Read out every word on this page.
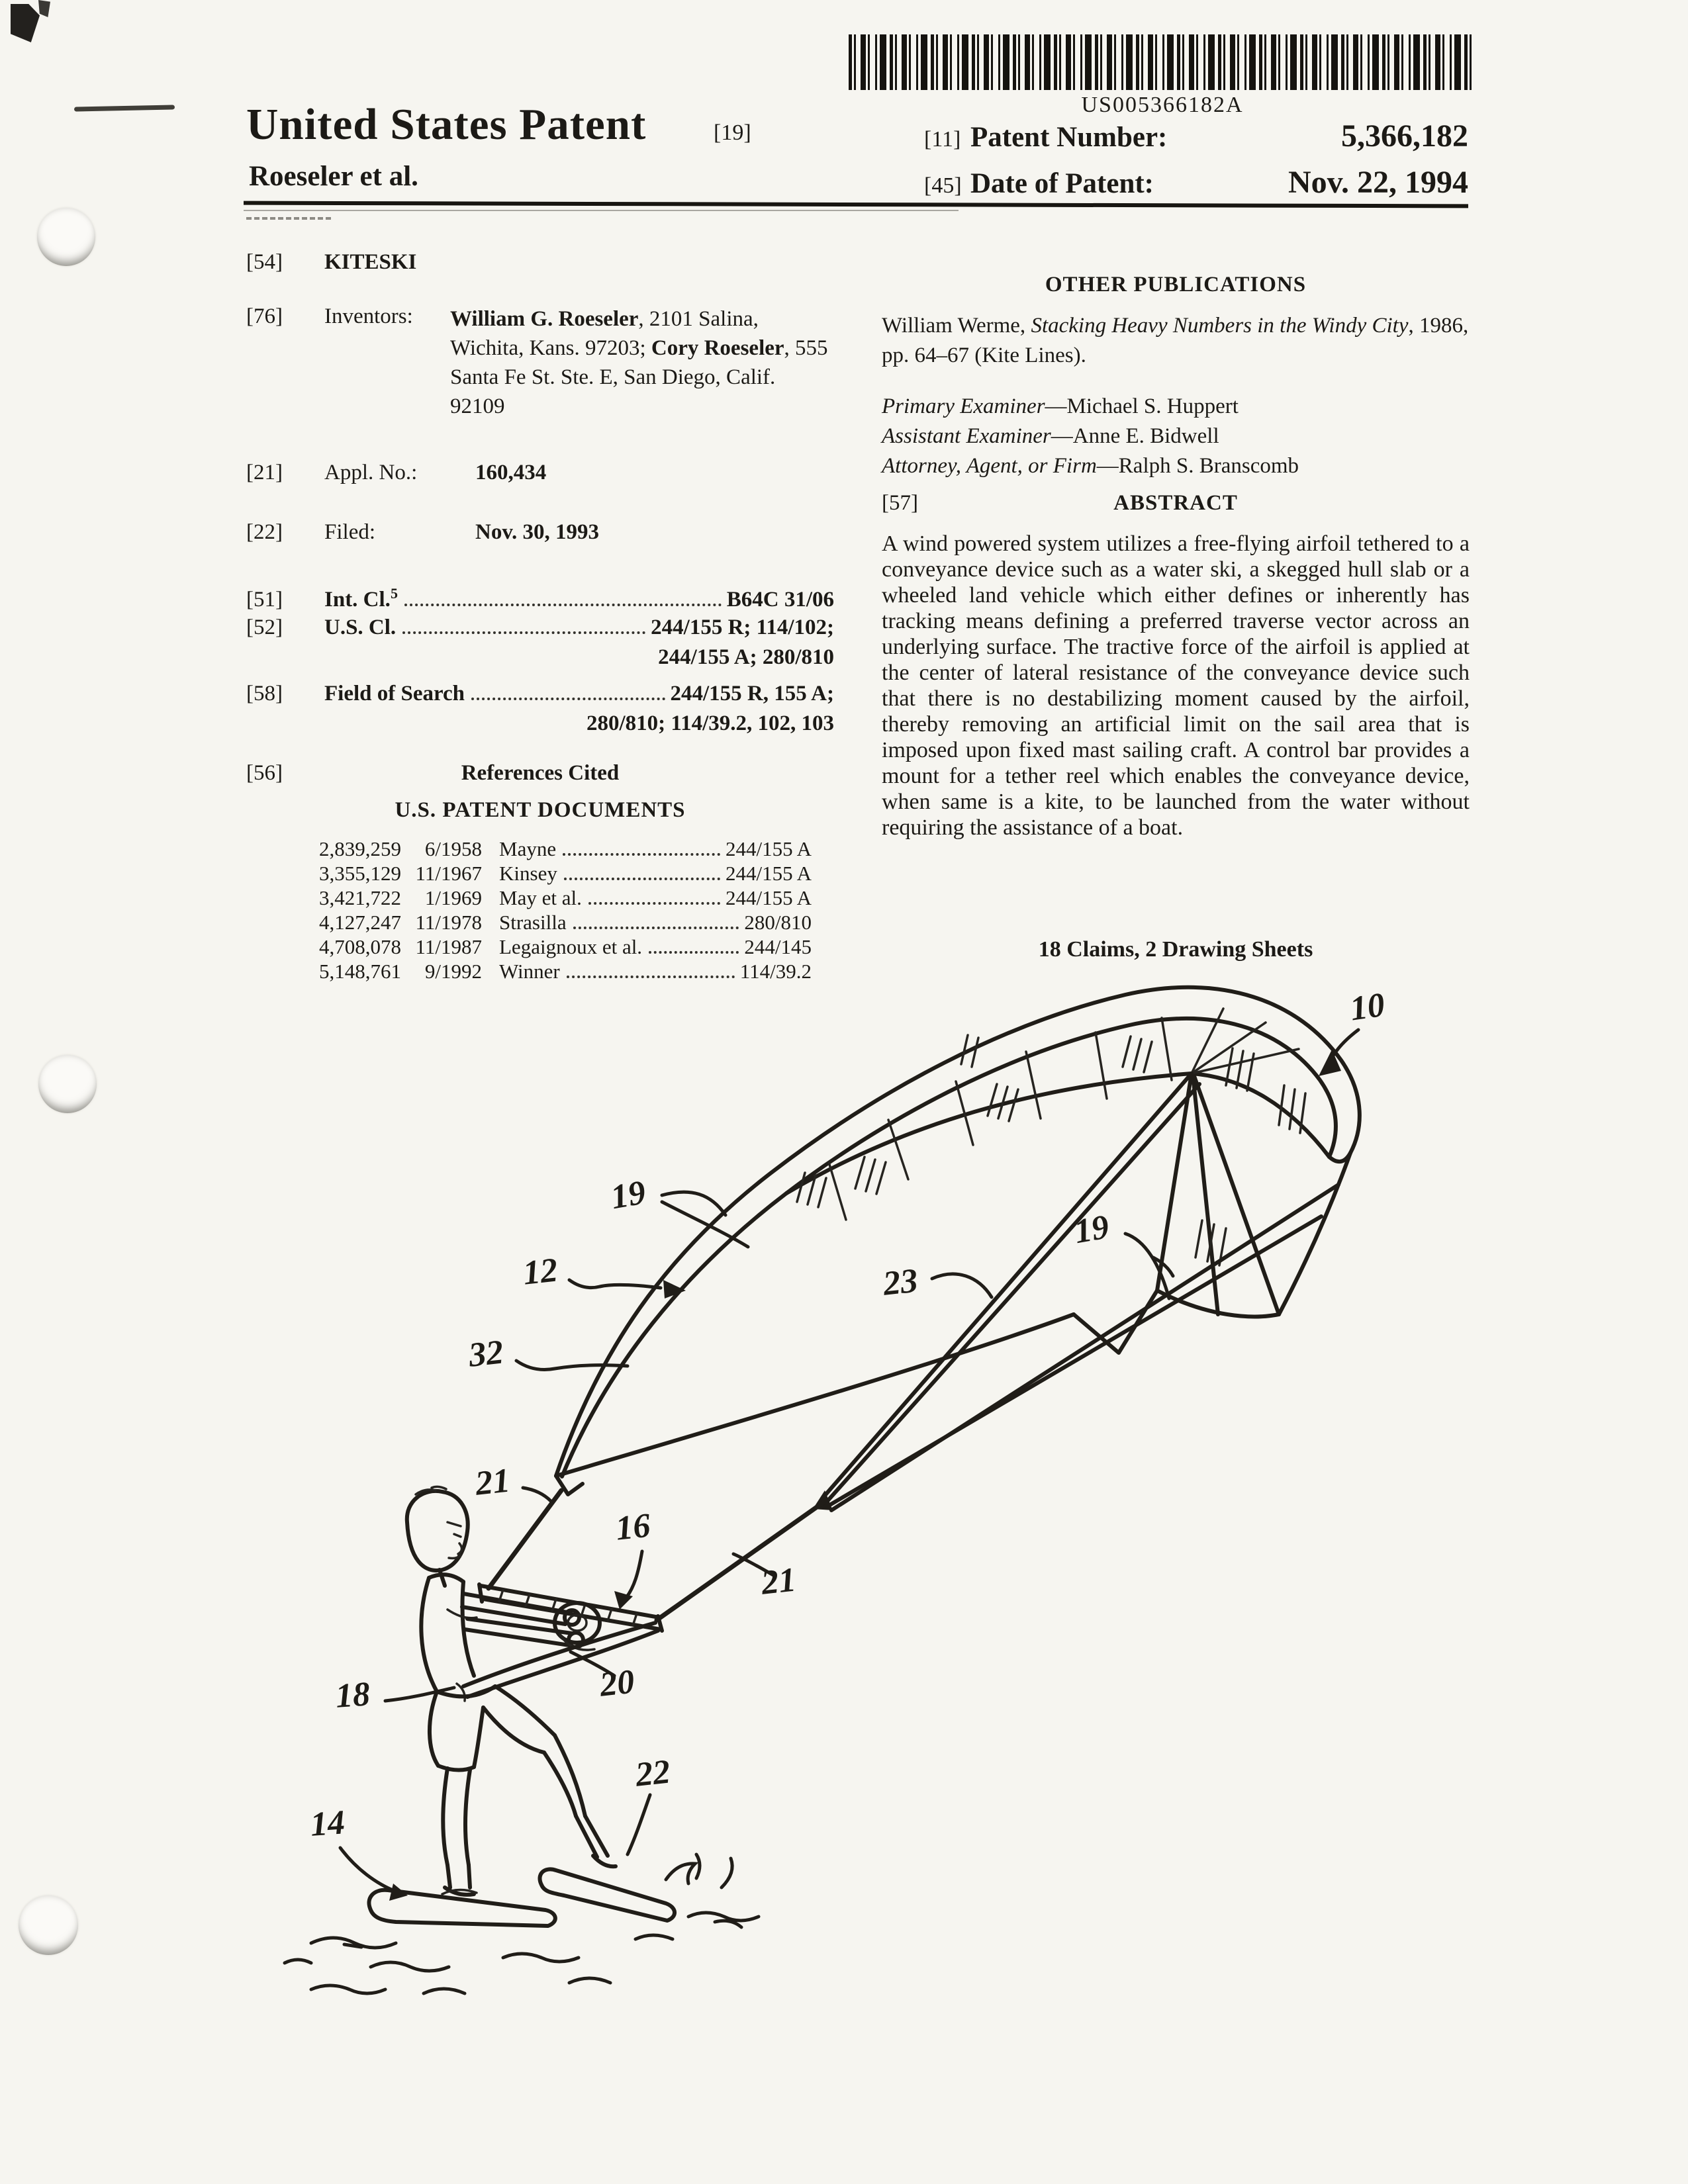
US005366182A
United States Patent	[19]
Roeseler et al.
[11] Patent Number:	5,366,182
[45] Date of Patent:	Nov. 22, 1994
[54] KITESKI
[76] Inventors: William G. Roeseler, 2101 Salina, Wichita, Kans. 97203; Cory Roeseler, 555 Santa Fe St. Ste. E, San Diego, Calif. 92109
[21] Appl. No.:	160,434
[22] Filed:	Nov. 30, 1993
[51]	Int. Cl.$^5$	B64C 31/06
[52]	U.S. Cl.	244/155 R; 114/102;
244/155 A; 280/810
[58]	Field of Search	244/155 R, 155 A;
280/810; 114/39.2, 102, 103
[56]	References Cited
U.S. PATENT DOCUMENTS
2,839,259	6/1958 Mayne	244/155 A
3,355,129 11/1967 Kinsey	244/155 A
3,421,722	1/1969 May et al.	244/155 A
4,127,247 11/1978 Strasilla	280/810
4,708,078 11/1987 Legaignoux et al.	244/145
5,148,761	9/1992 Winner	114/39.2
OTHER PUBLICATIONS
William Werme, Stacking Heavy Numbers in the Windy City, 1986, pp. 64–67 (Kite Lines).
Primary Examiner—Michael S. Huppert
Assistant Examiner—Anne E. Bidwell
Attorney, Agent, or Firm—Ralph S. Branscomb
[57]	ABSTRACT
A wind powered system utilizes a free-flying airfoil tethered to a conveyance device such as a water ski, a skegged hull slab or a wheeled land vehicle which either defines or inherently has tracking means defining a preferred traverse vector across an underlying surface. The tractive force of the airfoil is applied at the center of lateral resistance of the conveyance device such that there is no destabilizing moment caused by the airfoil, thereby removing an artificial limit on the sail area that is imposed upon fixed mast sailing craft. A control bar provides a mount for a tether reel which enables the conveyance device, when same is a kite, to be launched from the water without requiring the assistance of a boat.
18 Claims, 2 Drawing Sheets
10
19
12
32
23
19
21
16
21
18	20
22
14
